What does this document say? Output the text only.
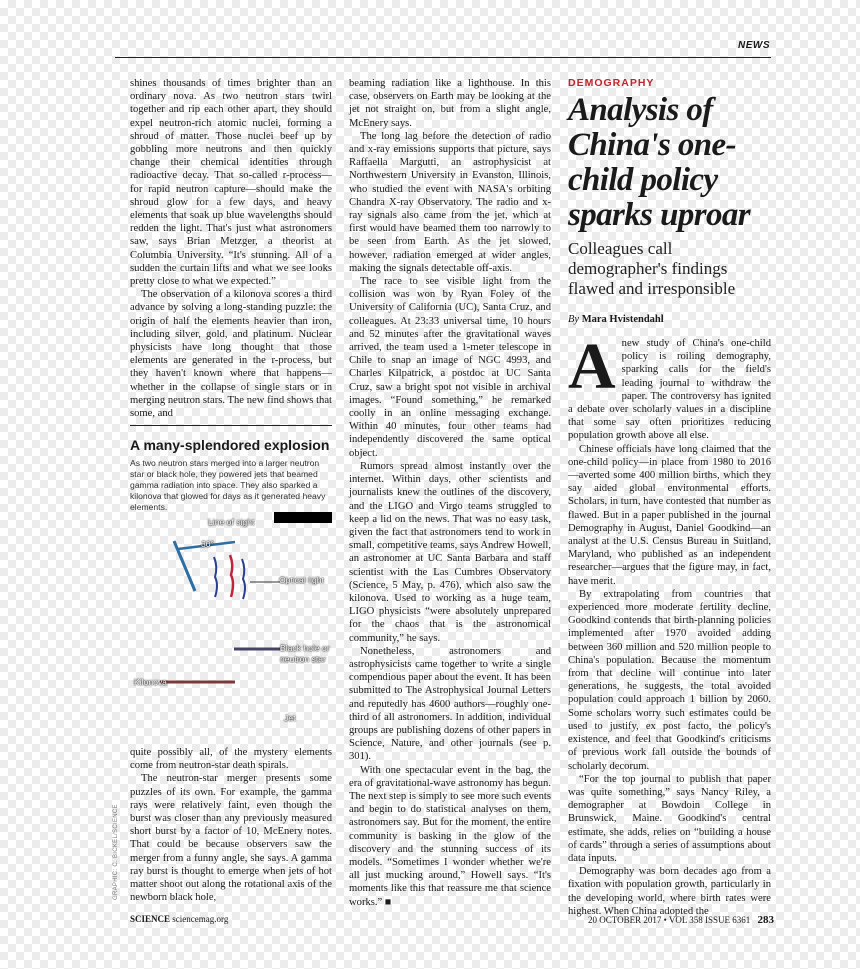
NEWS

shines thousands of times brighter than an ordinary nova. As two neutron stars twirl together and rip each other apart, they should expel neutron-rich atomic nuclei, forming a shroud of matter. Those nuclei beef up by gobbling more neutrons and then quickly change their chemical identities through radioactive decay. That so-called r-process—for rapid neutron capture—should make the shroud glow for a few days, and heavy elements that soak up blue wavelengths should redden the light. That's just what astronomers saw, says Brian Metzger, a theorist at Columbia University. “It's stunning. All of a sudden the curtain lifts and what we see looks pretty close to what we expected.”

The observation of a kilonova scores a third advance by solving a long-standing puzzle: the origin of half the elements heavier than iron, including silver, gold, and platinum. Nuclear physicists have long thought that those elements are generated in the r-process, but they haven't known where that happens—whether in the collapse of single stars or in merging neutron stars. The new find shows that some, and

A many-splendored explosion
As two neutron stars merged into a larger neutron star or black hole, they powered jets that beamed gamma radiation into space. They also sparked a kilonova that glowed for days as it generated heavy elements.
Line of sight
30°
Optical light
Black hole or neutron star
Kilonova
Jet

quite possibly all, of the mystery elements come from neutron-star death spirals.

The neutron-star merger presents some puzzles of its own. For example, the gamma rays were relatively faint, even though the burst was closer than any previously measured short burst by a factor of 10, McEnery notes. That could be because observers saw the merger from a funny angle, she says. A gamma ray burst is thought to emerge when jets of hot matter shoot out along the rotational axis of the newborn black hole,

GRAPHIC: C. BICKEL/SCIENCE

beaming radiation like a lighthouse. In this case, observers on Earth may be looking at the jet not straight on, but from a slight angle, McEnery says.

The long lag before the detection of radio and x-ray emissions supports that picture, says Raffaella Margutti, an astrophysicist at Northwestern University in Evanston, Illinois, who studied the event with NASA's orbiting Chandra X-ray Observatory. The radio and x-ray signals also came from the jet, which at first would have beamed them too narrowly to be seen from Earth. As the jet slowed, however, radiation emerged at wider angles, making the signals detectable off-axis.

The race to see visible light from the collision was won by Ryan Foley of the University of California (UC), Santa Cruz, and colleagues. At 23:33 universal time, 10 hours and 52 minutes after the gravitational waves arrived, the team used a 1-meter telescope in Chile to snap an image of NGC 4993, and Charles Kilpatrick, a postdoc at UC Santa Cruz, saw a bright spot not visible in archival images. “Found something,” he remarked coolly in an online messaging exchange. Within 40 minutes, four other teams had independently discovered the same optical object.

Rumors spread almost instantly over the internet. Within days, other scientists and journalists knew the outlines of the discovery, and the LIGO and Virgo teams struggled to keep a lid on the news. That was no easy task, given the fact that astronomers tend to work in small, competitive teams, says Andrew Howell, an astronomer at UC Santa Barbara and staff scientist with the Las Cumbres Observatory (Science, 5 May, p. 476), which also saw the kilonova. Used to working as a huge team, LIGO physicists “were absolutely unprepared for the chaos that is the astronomical community,” he says.

Nonetheless, astronomers and astrophysicists came together to write a single compendious paper about the event. It has been submitted to The Astrophysical Journal Letters and reputedly has 4600 authors—roughly one-third of all astronomers. In addition, individual groups are publishing dozens of other papers in Science, Nature, and other journals (see p. 301).

With one spectacular event in the bag, the era of gravitational-wave astronomy has begun. The next step is simply to see more such events and begin to do statistical analyses on them, astronomers say. But for the moment, the entire community is basking in the glow of the discovery and the stunning success of its models. “Sometimes I wonder whether we're all just mucking around,” Howell says. “It's moments like this that reassure me that science works.” ■

DEMOGRAPHY
Analysis of China's one-child policy sparks uproar
Colleagues call demographer's findings flawed and irresponsible
By Mara Hvistendahl

Anew study of China's one-child policy is roiling demography, sparking calls for the field's leading journal to withdraw the paper. The controversy has ignited a debate over scholarly values in a discipline that some say often prioritizes reducing population growth above all else.

Chinese officials have long claimed that the one-child policy—in place from 1980 to 2016—averted some 400 million births, which they say aided global environmental efforts. Scholars, in turn, have contested that number as flawed. But in a paper published in the journal Demography in August, Daniel Goodkind—an analyst at the U.S. Census Bureau in Suitland, Maryland, who published as an independent researcher—argues that the figure may, in fact, have merit.

By extrapolating from countries that experienced more moderate fertility decline, Goodkind contends that birth-planning policies implemented after 1970 avoided adding between 360 million and 520 million people to China's population. Because the momentum from that decline will continue into later generations, he suggests, the total avoided population could approach 1 billion by 2060. Some scholars worry such estimates could be used to justify, ex post facto, the policy's existence, and feel that Goodkind's criticisms of previous work fall outside the bounds of scholarly decorum.

“For the top journal to publish that paper was quite something,” says Nancy Riley, a demographer at Bowdoin College in Brunswick, Maine. Goodkind's central estimate, she adds, relies on “building a house of cards” through a series of assumptions about data inputs.

Demography was born decades ago from a fixation with population growth, particularly in the developing world, where birth rates were highest. When China adopted the

SCIENCE sciencemag.org	20 OCTOBER 2017 • VOL 358 ISSUE 6361 283
